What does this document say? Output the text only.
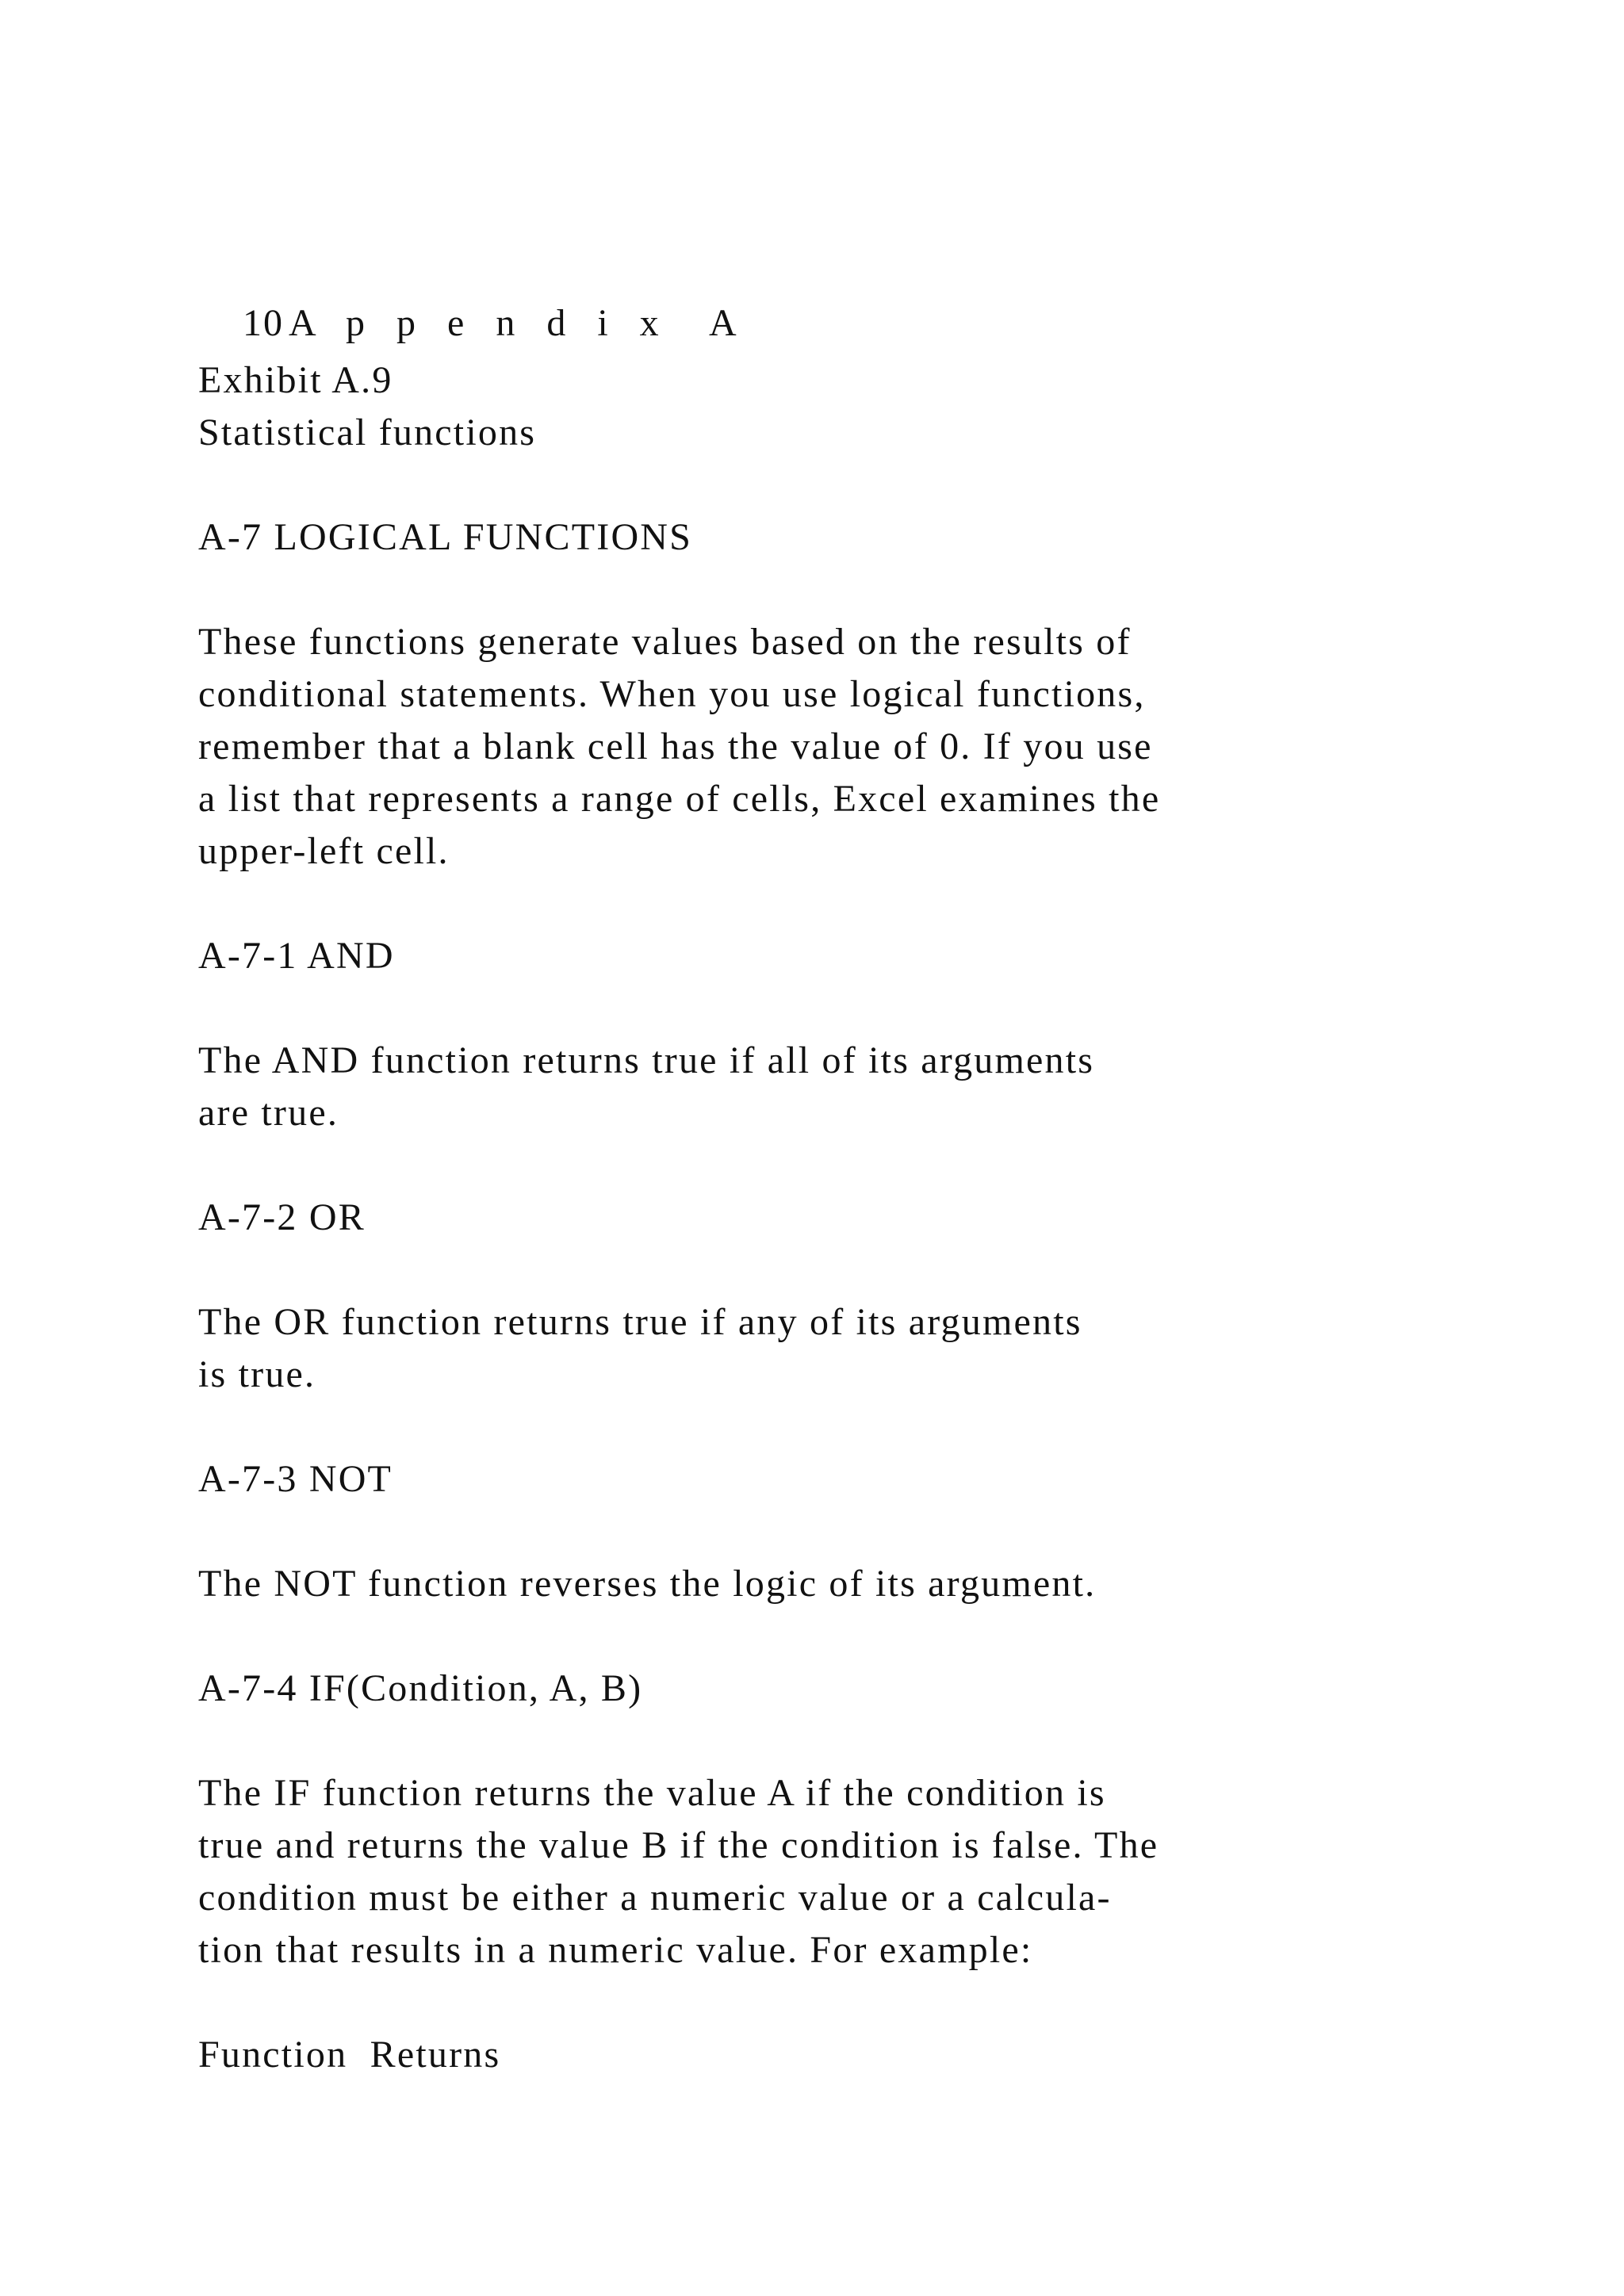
10 A p p e n d i x  A

Exhibit A.9

Statistical functions

A-7 LOGICAL FUNCTIONS

These functions generate values based on the results of

conditional statements. When you use logical functions,

remember that a blank cell has the value of 0. If you use

a list that represents a range of cells, Excel examines the

upper-left cell.

A-7-1 AND

The AND function returns true if all of its arguments

are true.

A-7-2 OR

The OR function returns true if any of its arguments

is true.

A-7-3 NOT

The NOT function reverses the logic of its argument.

A-7-4 IF(Condition, A, B)

The IF function returns the value A if the condition is

true and returns the value B if the condition is false. The

condition must be either a numeric value or a calcula-

tion that results in a numeric value. For example:

Function  Returns
